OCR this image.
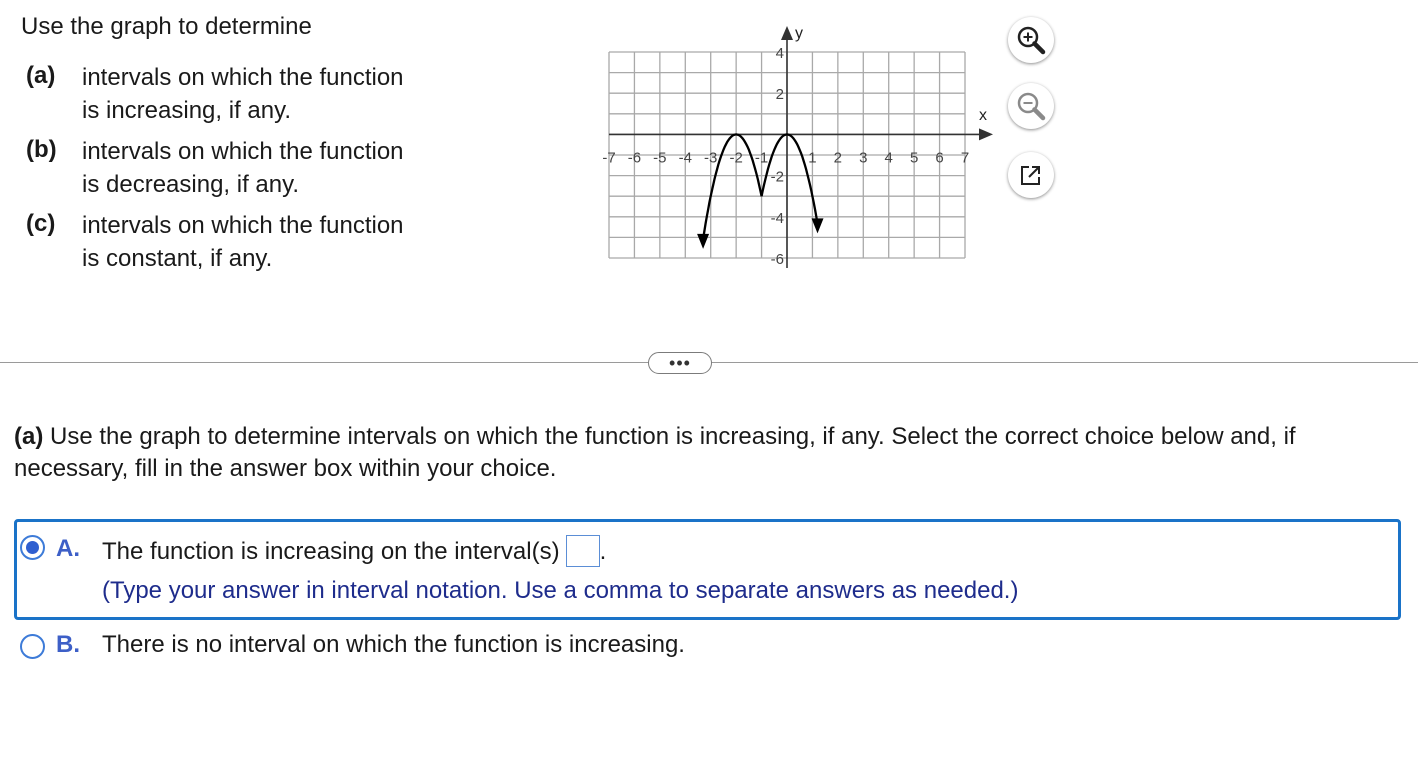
Use the graph to determine
(a)	intervals on which the function
is increasing, if any.
(b)	intervals on which the function
is decreasing, if any.
(c)	intervals on which the function
is constant, if any.
-7 -6 -5 -4 -3 -2 -1	1 2 3 4 5 6 7
4
2
-2
-4
-6
x
y
•••
(a) Use the graph to determine intervals on which the function is increasing, if any. Select the correct choice below and, if necessary, fill in the answer box within your choice.
A. The function is increasing on the interval(s) .
(Type your answer in interval notation. Use a comma to separate answers as needed.)
B. There is no interval on which the function is increasing.
